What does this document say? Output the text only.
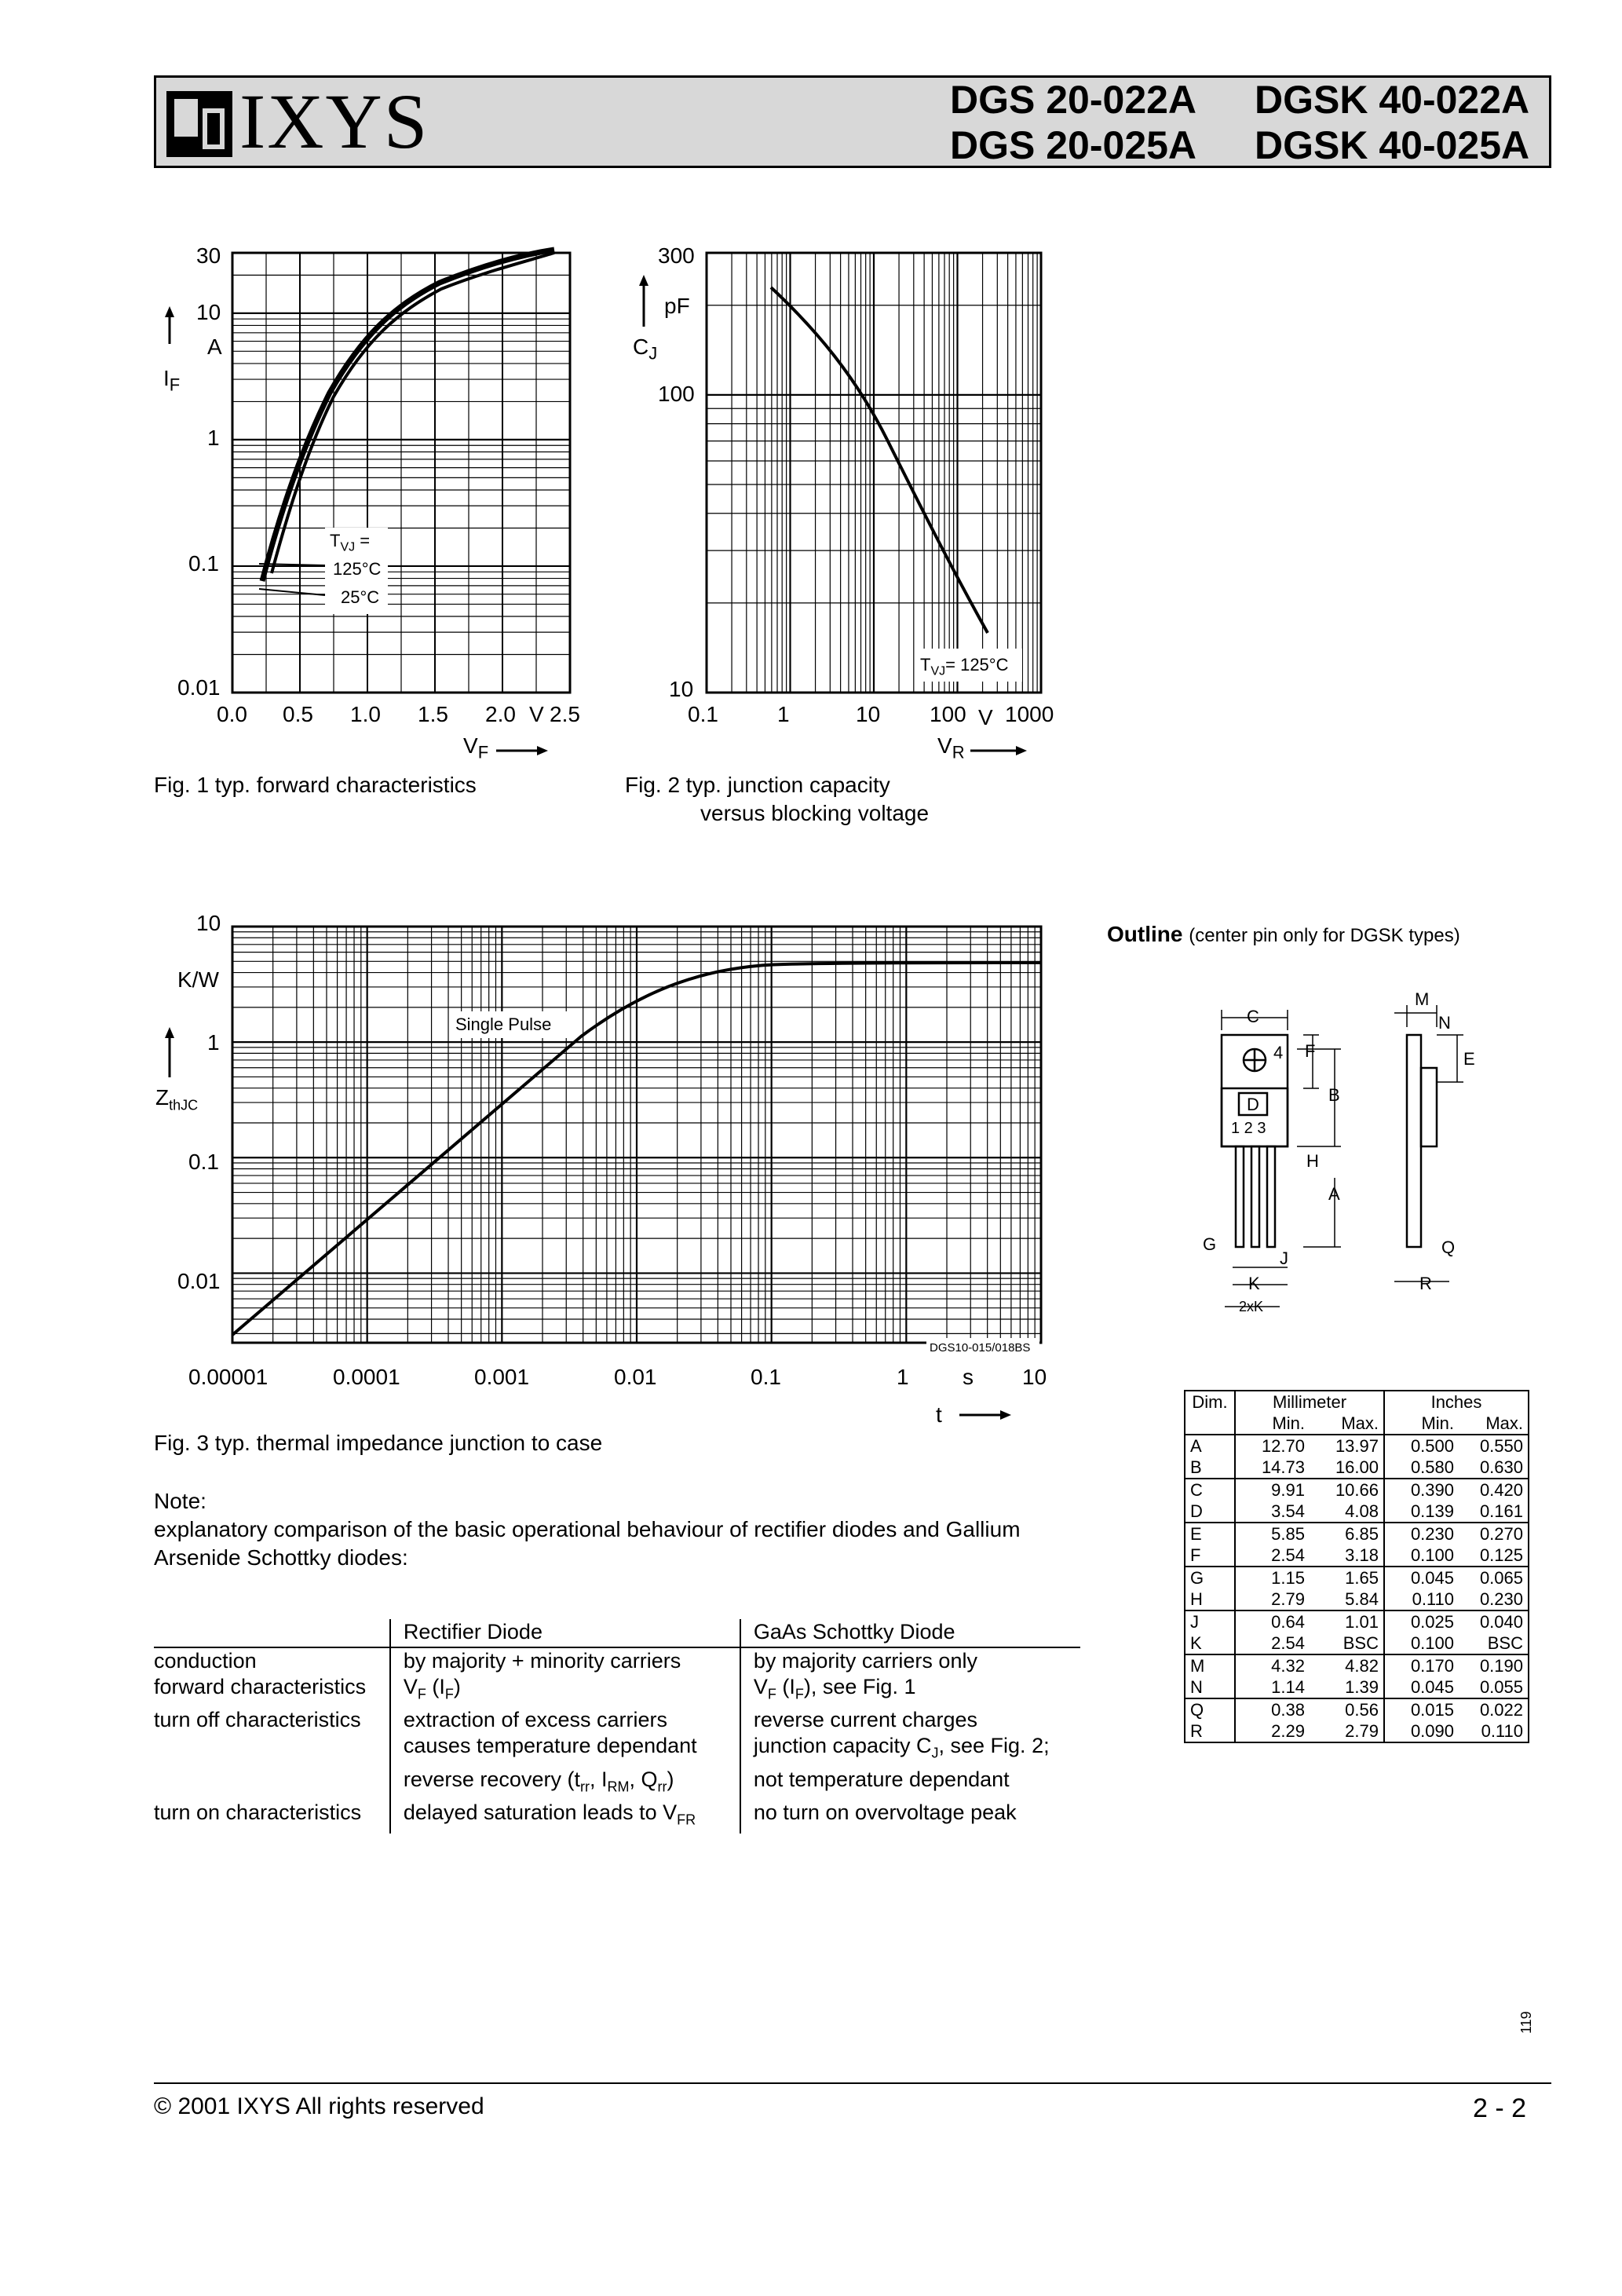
IXYS	DGS 20-022A
DGS 20-025A
DGSK 40-022A
DGSK 40-025A
30
10
A
1
0.1
0.01
$I_F$
0.0 0.5 1.0 1.5 2.0 V 2.5
$V_F$
$T_{VJ}$ =
125°C
25°C
Fig. 1 typ. forward characteristics
300
pF
100
10
$C_J$
0.1	1	10 100 V 1000
$V_R$
$T_{VJ}= 125^\circ C$
Fig. 2 typ. junction capacity
versus blocking voltage
10
K/W
1
0.1
0.01
$Z_{thJC}$
0.00001	0.0001	0.001	0.01	0.1	1 s 10
t
Single Pulse
DGS10-015/018BS
Fig. 3 typ. thermal impedance junction to case
Outline (center pin only for DGSK types)
C
4 F
B
D
1 2 3
H
A
G
J
K
2xK
M
N
E
Q
R
Dim.	Millimeter		Inches	
	Min.	Max.	Min.	Max.
A	12.70	13.97	0.500	0.550
B	14.73	16.00	0.580	0.630
C	9.91	10.66	0.390	0.420
D	3.54	4.08	0.139	0.161
E	5.85	6.85	0.230	0.270
F	2.54	3.18	0.100	0.125
G	1.15	1.65	0.045	0.065
H	2.79	5.84	0.110	0.230
J	0.64	1.01	0.025	0.040
K	2.54	BSC	0.100	BSC
M	4.32	4.82	0.170	0.190
N	1.14	1.39	0.045	0.055
Q	0.38	0.56	0.015	0.022
R	2.29	2.79	0.090	0.110
Note:
explanatory comparison of the basic operational behaviour of rectifier diodes and Gallium
Arsenide Schottky diodes:
	Rectifier Diode	GaAs Schottky Diode
conduction	by majority + minority carriers	by majority carriers only
forward characteristics	$V_F$ $(I_F)$	$V_F$ $(I_F)$, see Fig. 1
turn off characteristics	extraction of excess carriers	reverse current charges
	causes temperature dependant	junction capacity $C_J$, see Fig. 2;
	reverse recovery ($t_{rr}$, $I_{RM}$, $Q_{rr}$)	not temperature dependant
turn on characteristics	delayed saturation leads to $V_{FR}$	no turn on overvoltage peak
119
© 2001 IXYS All rights reserved	2 - 2
